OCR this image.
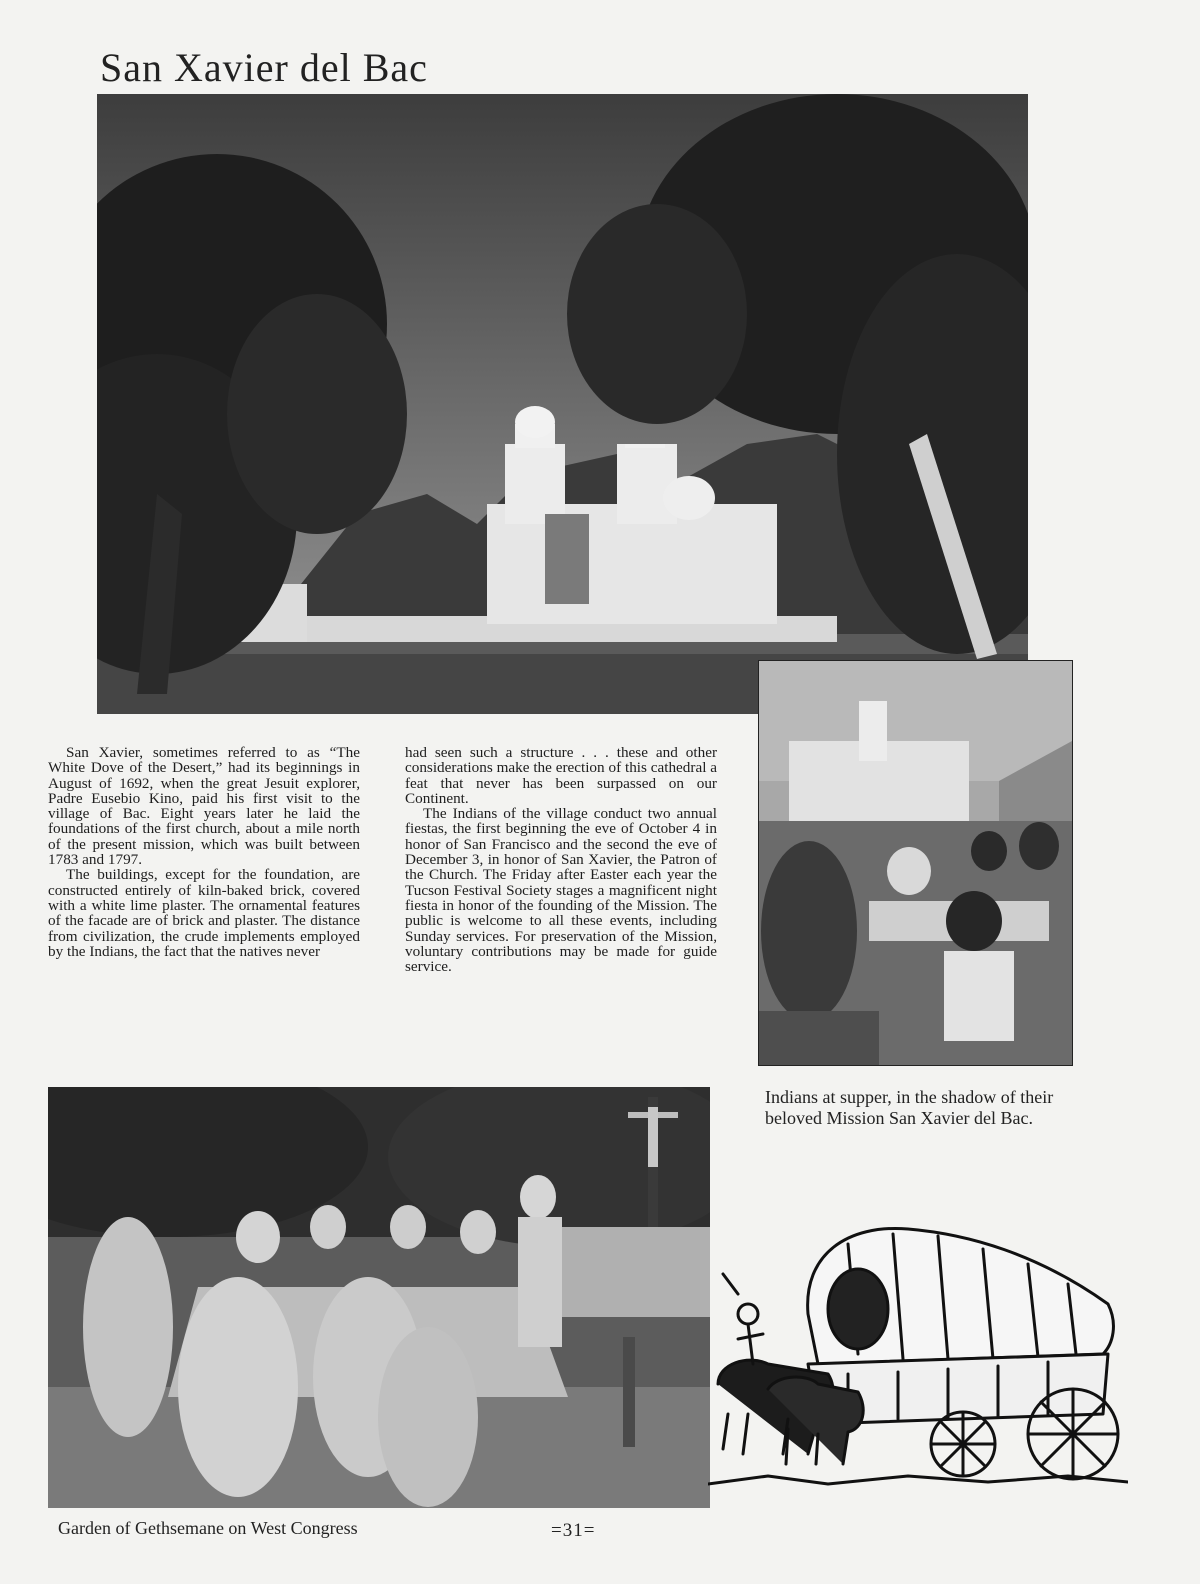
San Xavier del Bac

San Xavier, sometimes referred to as “The White Dove of the Desert,” had its beginnings in August of 1692, when the great Jesuit explorer, Padre Eusebio Kino, paid his first visit to the village of Bac. Eight years later he laid the foundations of the first church, about a mile north of the present mission, which was built between 1783 and 1797.

The buildings, except for the foundation, are constructed entirely of kiln-baked brick, covered with a white lime plaster. The ornamental features of the facade are of brick and plaster. The distance from civilization, the crude implements employed by the Indians, the fact that the natives never

had seen such a structure . . . these and other considerations make the erection of this cathedral a feat that never has been surpassed on our Continent.

The Indians of the village conduct two annual fiestas, the first beginning the eve of October 4 in honor of San Francisco and the second the eve of December 3, in honor of San Xavier, the Patron of the Church. The Friday after Easter each year the Tucson Festival Society stages a magnificent night fiesta in honor of the founding of the Mission. The public is welcome to all these events, including Sunday services. For preservation of the Mission, voluntary contributions may be made for guide service.

Indians at supper, in the shadow of their beloved Mission San Xavier del Bac.
Garden of Gethsemane on West Congress	=31=
